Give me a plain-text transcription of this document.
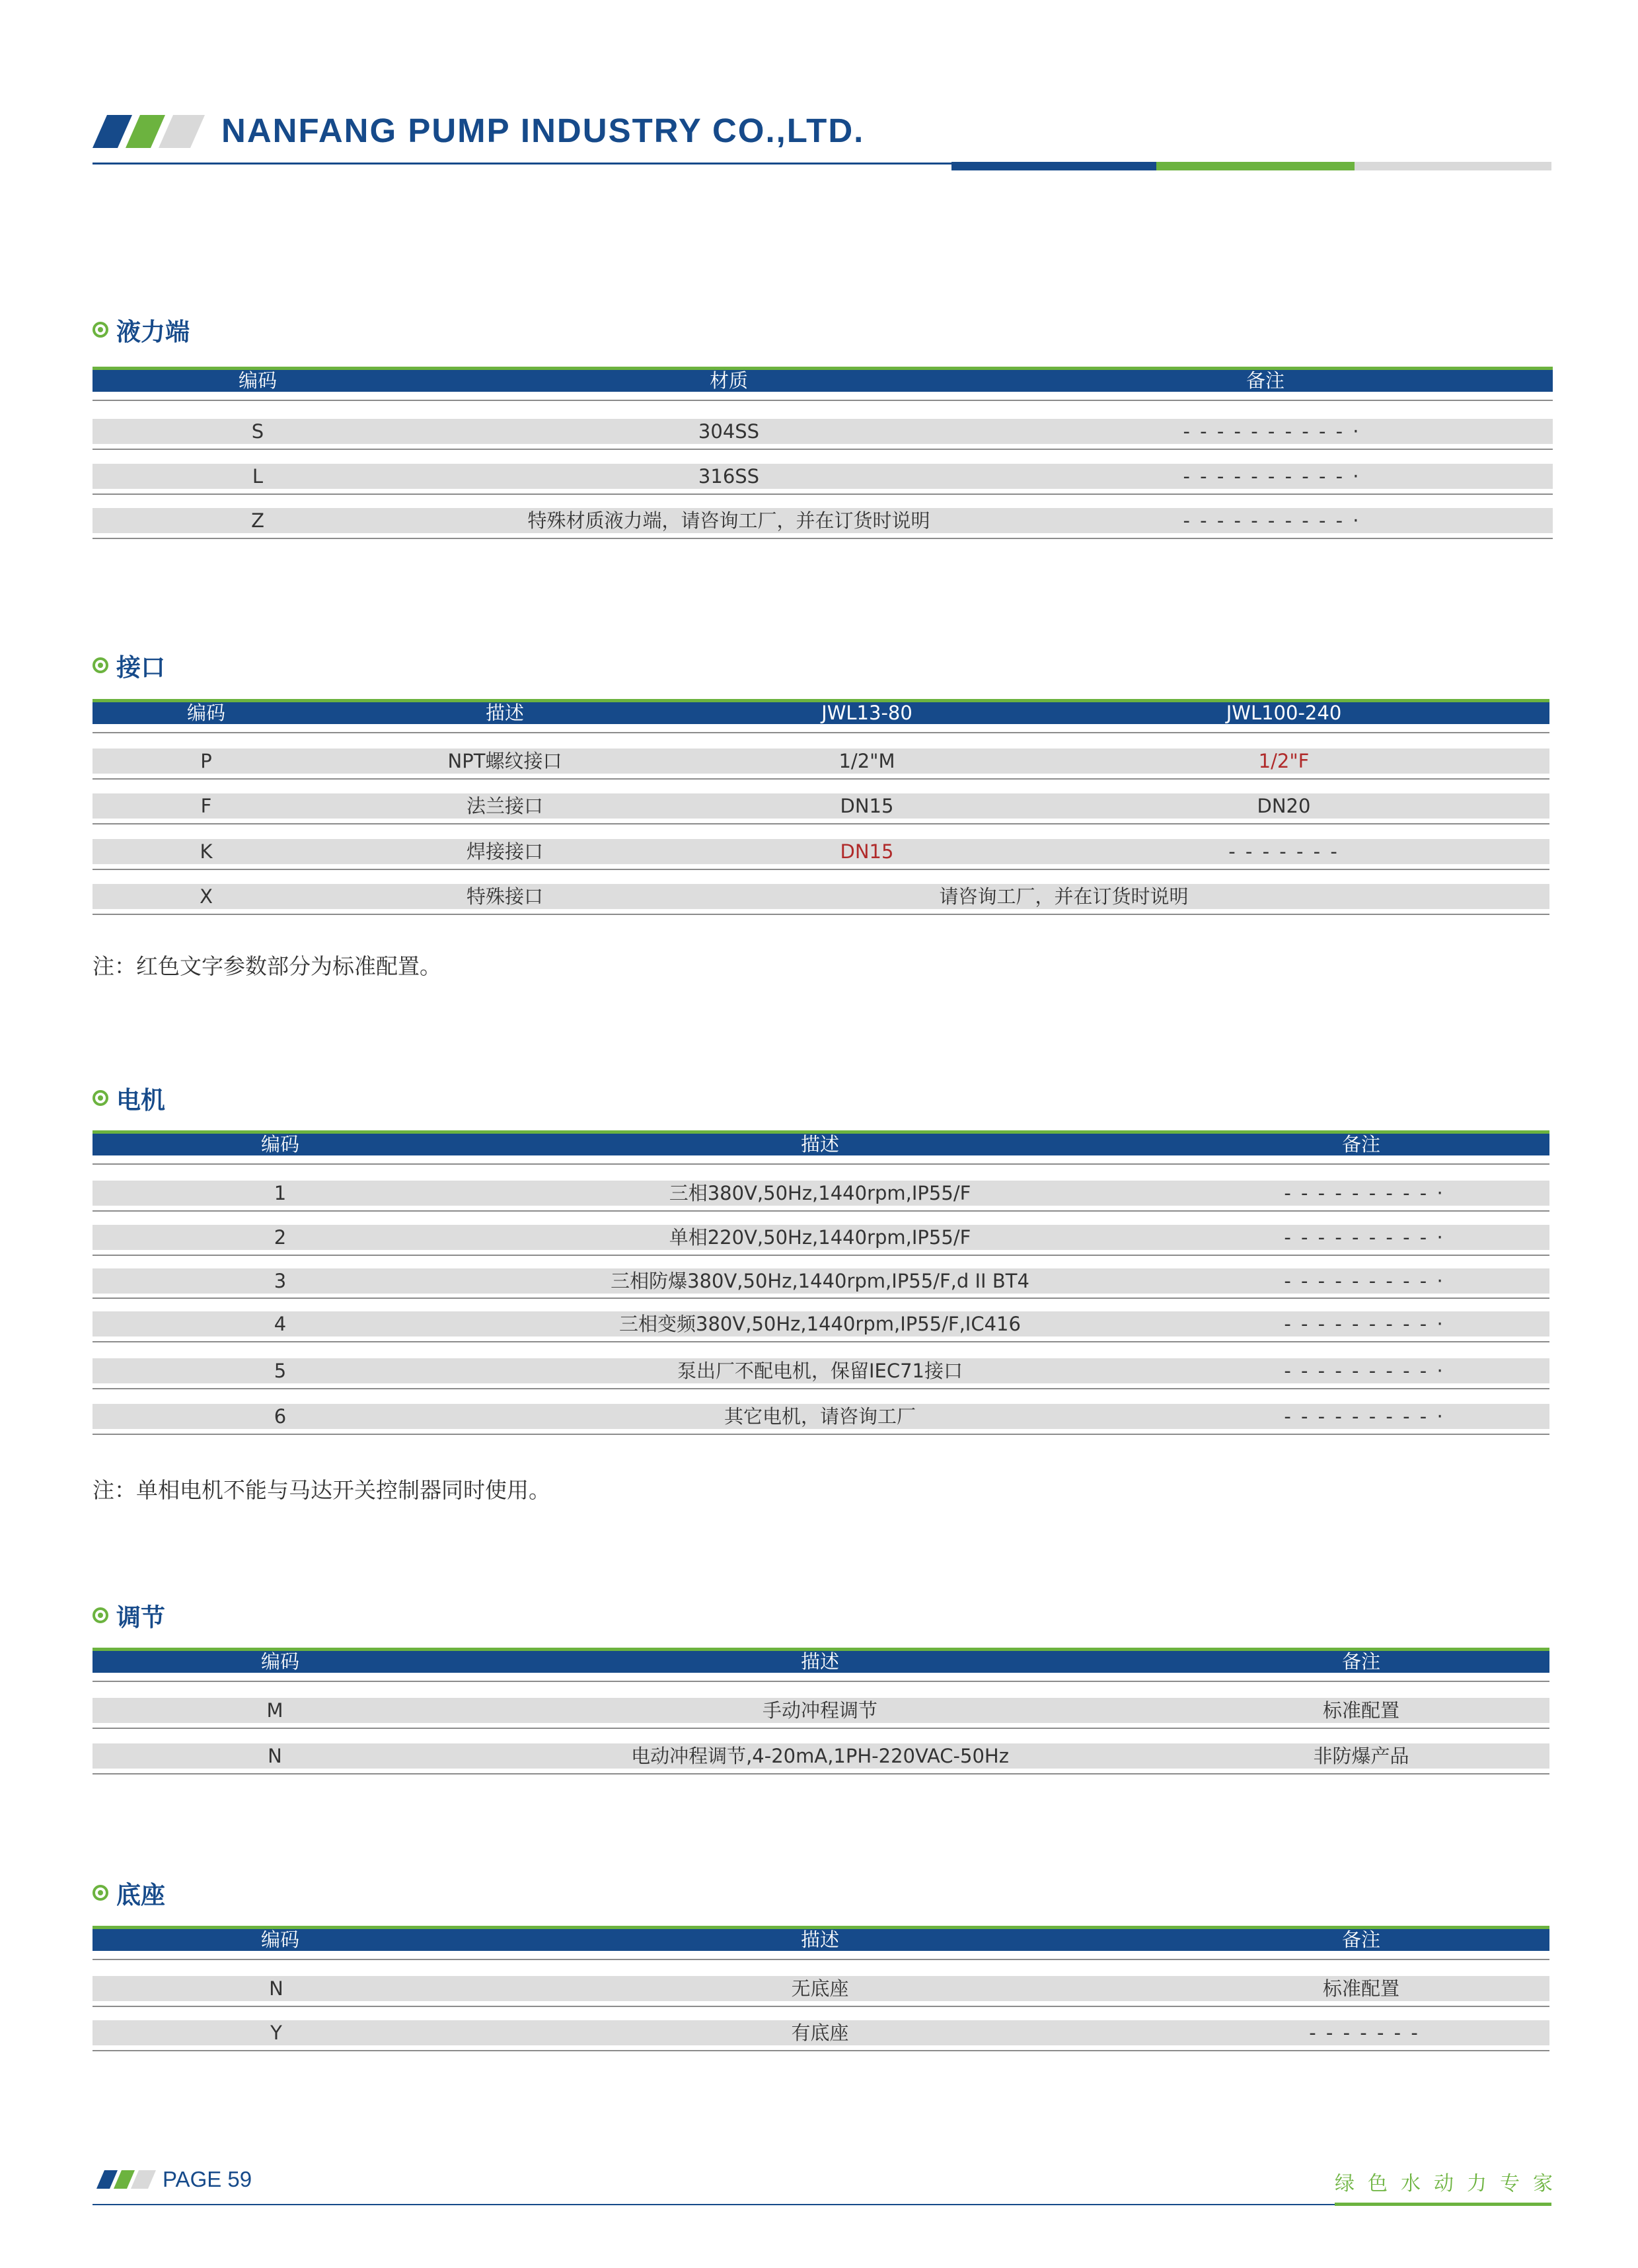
NANFANG PUMP INDUSTRY CO.,LTD.
液力端
编码	材质	备注
S	304SS	- - - - - - - - - - ·
L	316SS	- - - - - - - - - - ·
Z	特殊材质液力端，请咨询工厂，并在订货时说明	- - - - - - - - - - ·
接口
编码	描述	JWL13-80	JWL100-240
P	NPT螺纹接口	1/2"M	1/2"F
F	法兰接口	DN15	DN20
K	焊接接口	DN15	- - - - - - -
X	特殊接口	请咨询工厂，并在订货时说明
注：红色文字参数部分为标准配置。
电机
编码	描述	备注
1	三相380V,50Hz,1440rpm,IP55/F	- - - - - - - - - ·
2	单相220V,50Hz,1440rpm,IP55/F	- - - - - - - - - ·
3	三相防爆380V,50Hz,1440rpm,IP55/F,d II BT4	- - - - - - - - - ·
4	三相变频380V,50Hz,1440rpm,IP55/F,IC416	- - - - - - - - - ·
5	泵出厂不配电机，保留IEC71接口	- - - - - - - - - ·
6	其它电机，请咨询工厂	- - - - - - - - - ·
注：单相电机不能与马达开关控制器同时使用。
调节
编码	描述	备注
M	手动冲程调节	标准配置
N	电动冲程调节,4-20mA,1PH-220VAC-50Hz	非防爆产品
底座
编码	描述	备注
N	无底座	标准配置
Y	有底座	- - - - - - -
PAGE 59	绿色水动力专家
